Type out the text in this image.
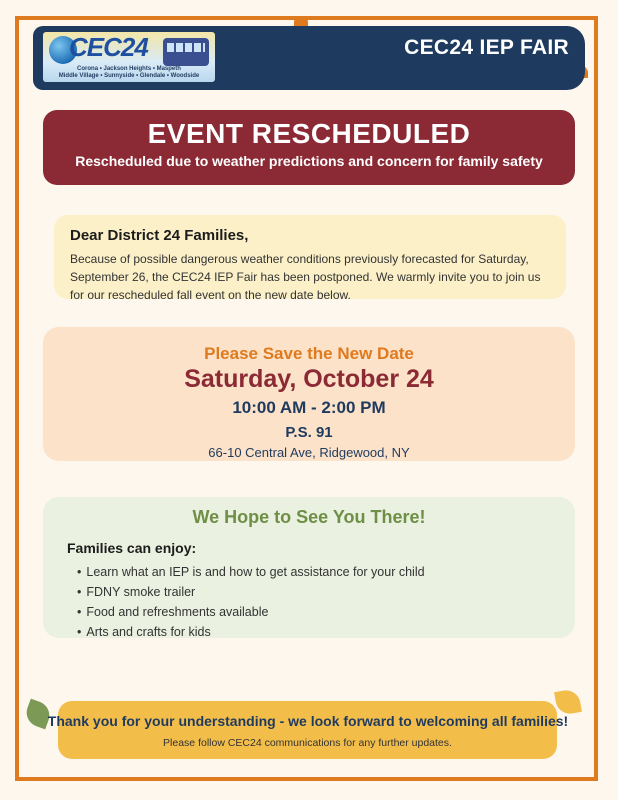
CEC24
Corona • Jackson Heights • Maspeth
Middle Village • Sunnyside • Glendale • Woodside
CEC24 IEP FAIR
EVENT RESCHEDULED
Rescheduled due to weather predictions and concern for family safety
Dear District 24 Families,
Because of possible dangerous weather conditions previously forecasted for Saturday, September 26, the CEC24 IEP Fair has been postponed. We warmly invite you to join us for our rescheduled fall event on the new date below.
Please Save the New Date
Saturday, October 24
10:00 AM - 2:00 PM
P.S. 91
66-10 Central Ave, Ridgewood, NY
We Hope to See You There!
Families can enjoy:
• Learn what an IEP is and how to get assistance for your child
• FDNY smoke trailer
• Food and refreshments available
• Arts and crafts for kids
Thank you for your understanding - we look forward to welcoming all families!
Please follow CEC24 communications for any further updates.
